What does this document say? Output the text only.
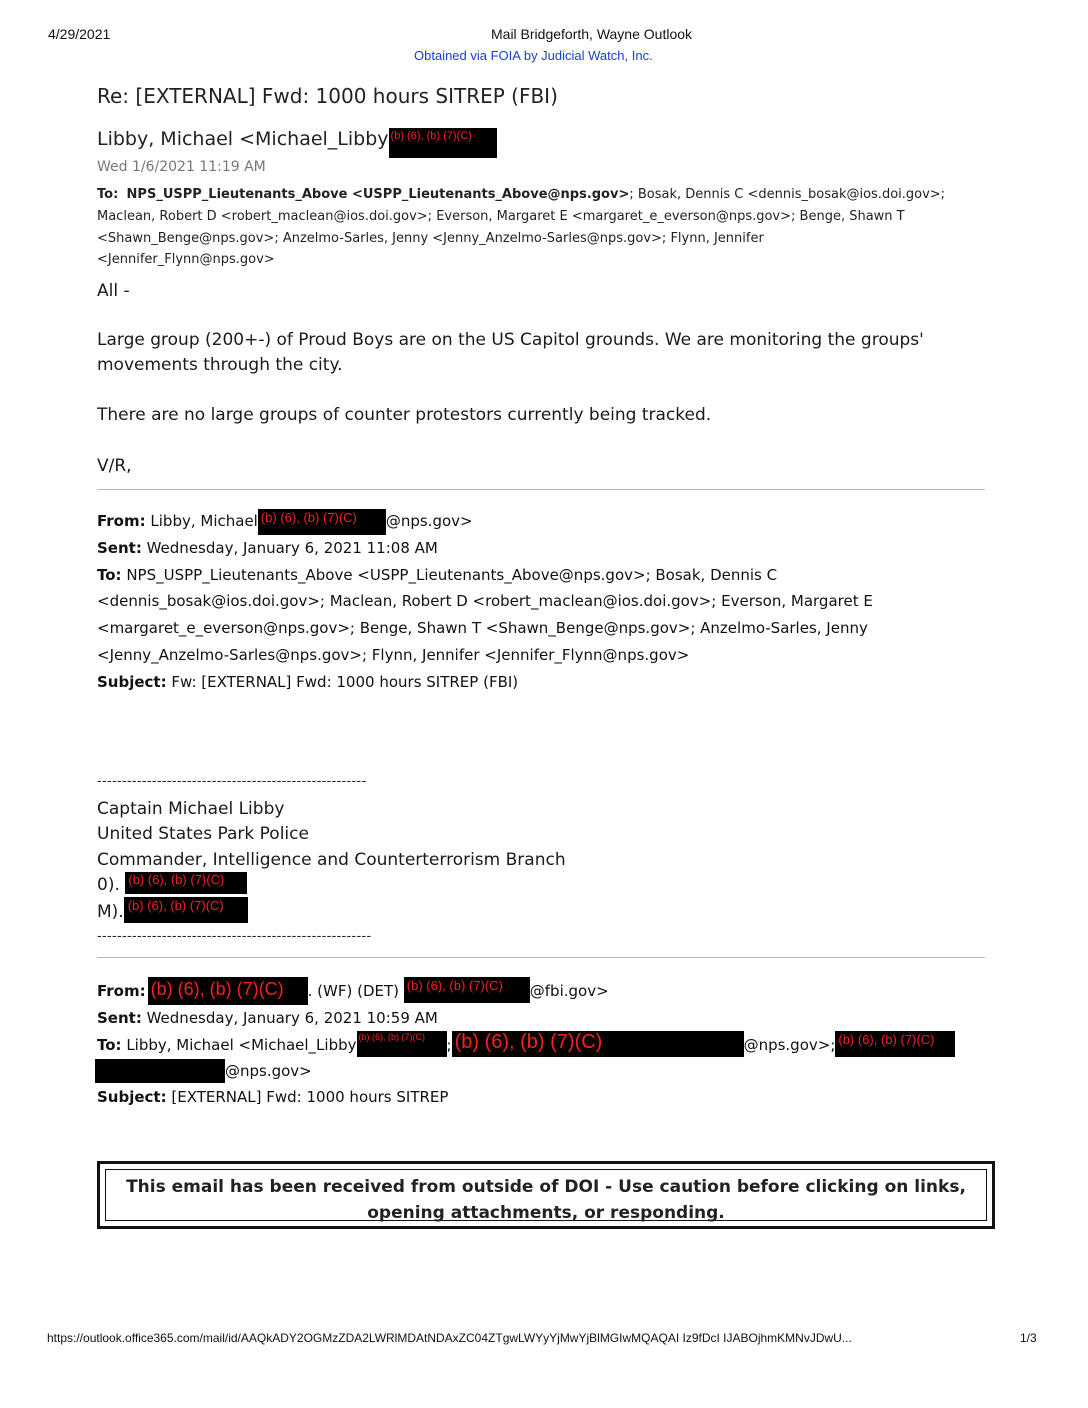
4/29/2021	Mail Bridgeforth, Wayne Outlook
Obtained via FOIA by Judicial Watch, Inc.
Re: [EXTERNAL] Fwd: 1000 hours SITREP (FBI)
Libby, Michael <Michael_Libby (b) (6), (b) (7)(C)
Wed 1/6/2021 11:19 AM
To: NPS_USPP_Lieutenants_Above <USPP_Lieutenants_Above@nps.gov>; Bosak, Dennis C <dennis_bosak@ios.doi.gov>;
Maclean, Robert D <robert_maclean@ios.doi.gov>; Everson, Margaret E <margaret_e_everson@nps.gov>; Benge, Shawn T
<Shawn_Benge@nps.gov>; Anzelmo-Sarles, Jenny <Jenny_Anzelmo-Sarles@nps.gov>; Flynn, Jennifer
<Jennifer_Flynn@nps.gov>
All -
Large group (200+-) of Proud Boys are on the US Capitol grounds. We are monitoring the groups'
movements through the city.
There are no large groups of counter protestors currently being tracked.
V/R,
From: Libby, Michael (b) (6), (b) (7)(C) @nps.gov>
Sent: Wednesday, January 6, 2021 11:08 AM
To: NPS_USPP_Lieutenants_Above <USPP_Lieutenants_Above@nps.gov>; Bosak, Dennis C
<dennis_bosak@ios.doi.gov>; Maclean, Robert D <robert_maclean@ios.doi.gov>; Everson, Margaret E
<margaret_e_everson@nps.gov>; Benge, Shawn T <Shawn_Benge@nps.gov>; Anzelmo-Sarles, Jenny
<Jenny_Anzelmo-Sarles@nps.gov>; Flynn, Jennifer <Jennifer_Flynn@nps.gov>
Subject: Fw: [EXTERNAL] Fwd: 1000 hours SITREP (FBI)
------------------------------------------------------
Captain Michael Libby
United States Park Police
Commander, Intelligence and Counterterrorism Branch
0). (b) (6), (b) (7)(C)
M). (b) (6), (b) (7)(C)
-------------------------------------------------------
From: (b) (6), (b) (7)(C) . (WF) (DET) (b) (6), (b) (7)(C) @fbi.gov>
Sent: Wednesday, January 6, 2021 10:59 AM
To: Libby, Michael <Michael_Libby (b) (6), (b) (7)(C) ; (b) (6), (b) (7)(C)	@nps.gov>; (b) (6), (b) (7)(C)
@nps.gov>
Subject: [EXTERNAL] Fwd: 1000 hours SITREP
This email has been received from outside of DOI - Use caution before clicking on links,
opening attachments, or responding.
https://outlook.office365.com/mail/id/AAQkADY2OGMzZDA2LWRlMDAtNDAxZC04ZTgwLWYyYjMwYjBlMGIwMQAQAI Iz9fDcI IJABOjhmKMNvJDwU...	1/3
